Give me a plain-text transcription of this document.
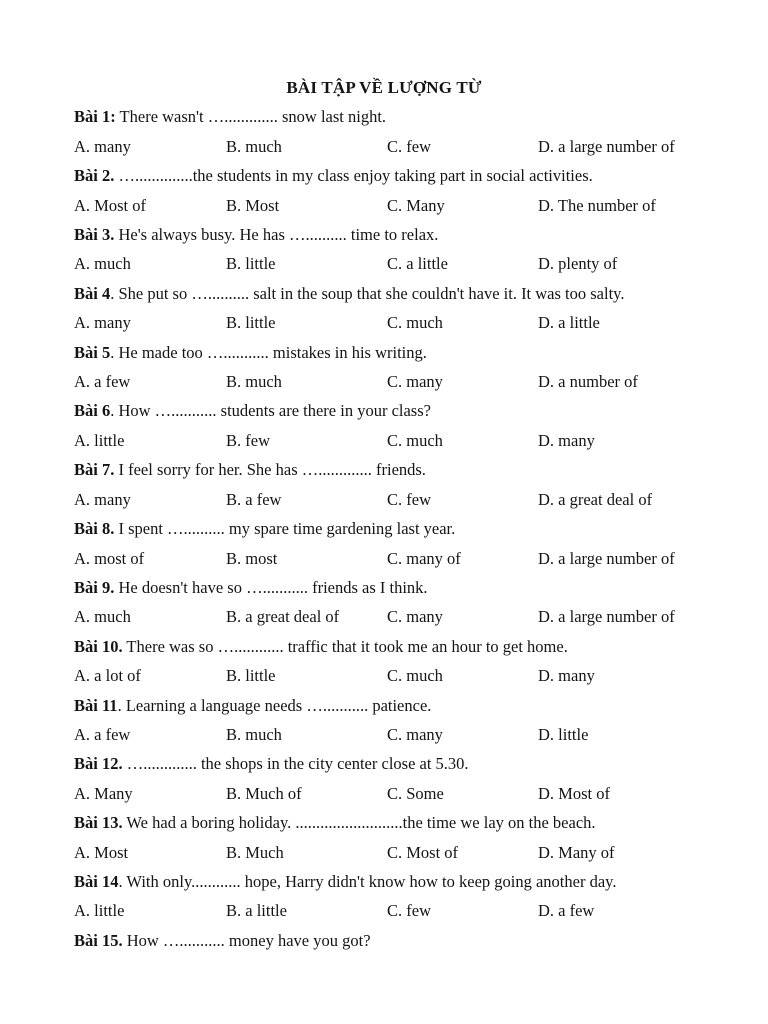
BÀI TẬP VỀ LƯỢNG TỪ

Bài 1: There wasn't …............. snow last night.

A. many	B. much	C. few	D. a large number of

Bài 2. …..............the students in my class enjoy taking part in social activities.

A. Most of	B. Most	C. Many	D. The number of

Bài 3. He's always busy. He has ….......... time to relax.

A. much	B. little	C. a little	D. plenty of

Bài 4. She put so ….......... salt in the soup that she couldn't have it. It was too salty.

A. many	B. little	C. much	D. a little

Bài 5. He made too …........... mistakes in his writing.

A. a few	B. much	C. many	D. a number of

Bài 6. How …........... students are there in your class?

A. little	B. few	C. much	D. many

Bài 7. I feel sorry for her. She has …............. friends.

A. many	B. a few	C. few	D. a great deal of

Bài 8. I spent ….......... my spare time gardening last year.

A. most of	B. most	C. many of	D. a large number of

Bài 9. He doesn't have so …........... friends as I think.

A. much	B. a great deal of	C. many	D. a large number of

Bài 10. There was so …............ traffic that it took me an hour to get home.

A. a lot of	B. little	C. much	D. many

Bài 11. Learning a language needs …........... patience.

A. a few	B. much	C. many	D. little

Bài 12. …............. the shops in the city center close at 5.30.

A. Many	B. Much of	C. Some	D. Most of

Bài 13. We had a boring holiday. ..........................the time we lay on the beach.

A. Most	B. Much	C. Most of	D. Many of

Bài 14. With only............ hope, Harry didn't know how to keep going another day.

A. little	B. a little	C. few	D. a few

Bài 15. How …........... money have you got?
